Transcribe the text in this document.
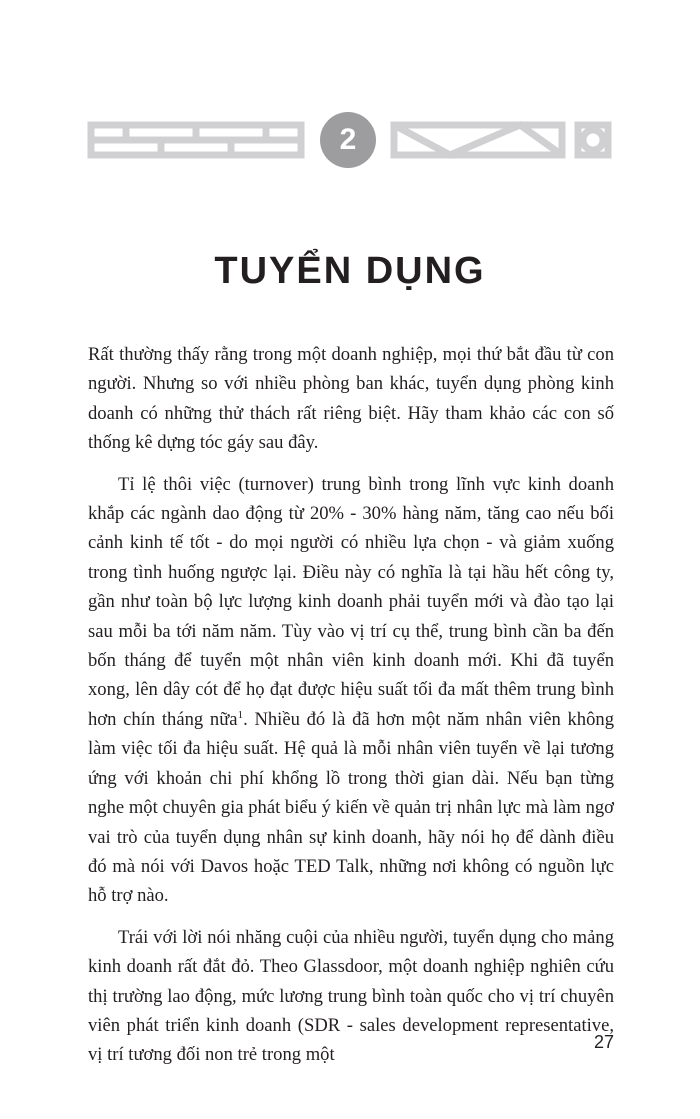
2
TUYỂN DỤNG

Rất thường thấy rằng trong một doanh nghiệp, mọi thứ bắt đầu từ con người. Nhưng so với nhiều phòng ban khác, tuyển dụng phòng kinh doanh có những thử thách rất riêng biệt. Hãy tham khảo các con số thống kê dựng tóc gáy sau đây.

Tỉ lệ thôi việc (turnover) trung bình trong lĩnh vực kinh doanh khắp các ngành dao động từ 20% - 30% hàng năm, tăng cao nếu bối cảnh kinh tế tốt - do mọi người có nhiều lựa chọn - và giảm xuống trong tình huống ngược lại. Điều này có nghĩa là tại hầu hết công ty, gần như toàn bộ lực lượng kinh doanh phải tuyển mới và đào tạo lại sau mỗi ba tới năm năm. Tùy vào vị trí cụ thể, trung bình cần ba đến bốn tháng để tuyển một nhân viên kinh doanh mới. Khi đã tuyển xong, lên dây cót để họ đạt được hiệu suất tối đa mất thêm trung bình hơn chín tháng nữa$^1$. Nhiều đó là đã hơn một năm nhân viên không làm việc tối đa hiệu suất. Hệ quả là mỗi nhân viên tuyển về lại tương ứng với khoản chi phí khổng lồ trong thời gian dài. Nếu bạn từng nghe một chuyên gia phát biểu ý kiến về quản trị nhân lực mà làm ngơ vai trò của tuyển dụng nhân sự kinh doanh, hãy nói họ để dành điều đó mà nói với Davos hoặc TED Talk, những nơi không có nguồn lực hỗ trợ nào.

Trái với lời nói nhăng cuội của nhiều người, tuyển dụng cho mảng kinh doanh rất đắt đỏ. Theo Glassdoor, một doanh nghiệp nghiên cứu thị trường lao động, mức lương trung bình toàn quốc cho vị trí chuyên viên phát triển kinh doanh (SDR - sales development representative, vị trí tương đối non trẻ trong một

27
